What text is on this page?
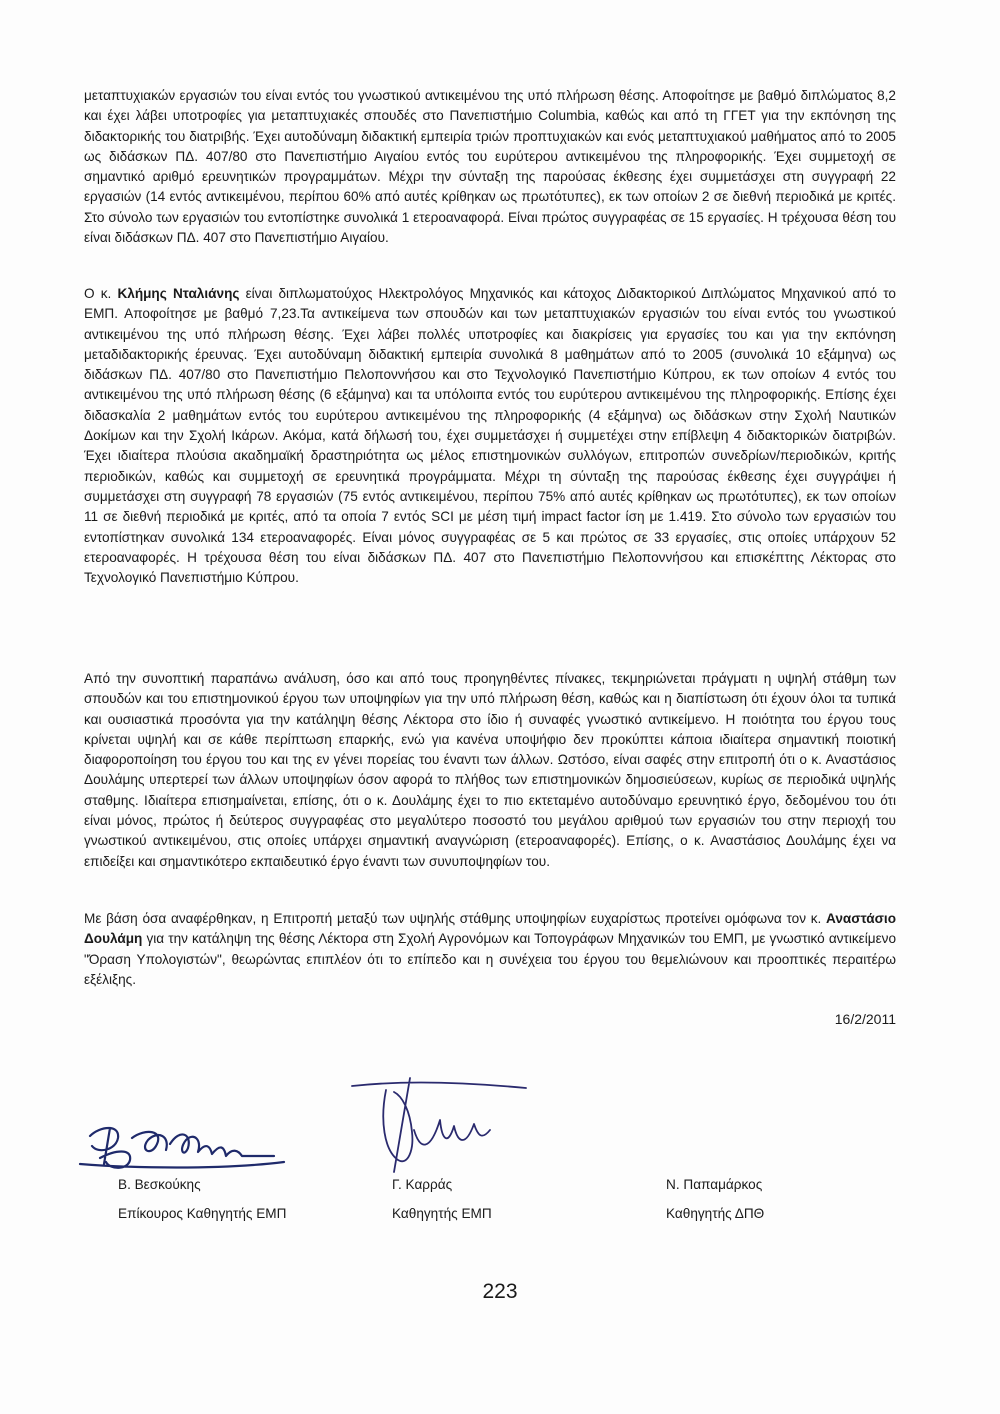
μεταπτυχιακών εργασιών του είναι εντός του γνωστικού αντικειμένου της υπό πλήρωση θέσης. Αποφοίτησε με βαθμό διπλώματος 8,2 και έχει λάβει υποτροφίες για μεταπτυχιακές σπουδές στο Πανεπιστήμιο Columbia, καθώς και από τη ΓΓΕΤ για την εκπόνηση της διδακτορικής του διατριβής. Έχει αυτοδύναμη διδακτική εμπειρία τριών προπτυχιακών και ενός μεταπτυχιακού μαθήματος από το 2005 ως διδάσκων ΠΔ. 407/80 στο Πανεπιστήμιο Αιγαίου εντός του ευρύτερου αντικειμένου της πληροφορικής. Έχει συμμετοχή σε σημαντικό αριθμό ερευνητικών προγραμμάτων. Μέχρι την σύνταξη της παρούσας έκθεσης έχει συμμετάσχει στη συγγραφή 22 εργασιών (14 εντός αντικειμένου, περίπου 60% από αυτές κρίθηκαν ως πρωτότυπες), εκ των οποίων 2 σε διεθνή περιοδικά με κριτές. Στο σύνολο των εργασιών του εντοπίστηκε συνολικά 1 ετεροαναφορά. Είναι πρώτος συγγραφέας σε 15 εργασίες. Η τρέχουσα θέση του είναι διδάσκων ΠΔ. 407 στο Πανεπιστήμιο Αιγαίου.

Ο κ. Κλήμης Νταλιάνης είναι διπλωματούχος Ηλεκτρολόγος Μηχανικός και κάτοχος Διδακτορικού Διπλώματος Μηχανικού από το ΕΜΠ. Αποφοίτησε με βαθμό 7,23.Τα αντικείμενα των σπουδών και των μεταπτυχιακών εργασιών του είναι εντός του γνωστικού αντικειμένου της υπό πλήρωση θέσης. Έχει λάβει πολλές υποτροφίες και διακρίσεις για εργασίες του και για την εκπόνηση μεταδιδακτορικής έρευνας. Έχει αυτοδύναμη διδακτική εμπειρία συνολικά 8 μαθημάτων από το 2005 (συνολικά 10 εξάμηνα) ως διδάσκων ΠΔ. 407/80 στο Πανεπιστήμιο Πελοποννήσου και στο Τεχνολογικό Πανεπιστήμιο Κύπρου, εκ των οποίων 4 εντός του αντικειμένου της υπό πλήρωση θέσης (6 εξάμηνα) και τα υπόλοιπα εντός του ευρύτερου αντικειμένου της πληροφορικής. Επίσης έχει διδασκαλία 2 μαθημάτων εντός του ευρύτερου αντικειμένου της πληροφορικής (4 εξάμηνα) ως διδάσκων στην Σχολή Ναυτικών Δοκίμων και την Σχολή Ικάρων. Ακόμα, κατά δήλωσή του, έχει συμμετάσχει ή συμμετέχει στην επίβλεψη 4 διδακτορικών διατριβών. Έχει ιδιαίτερα πλούσια ακαδημαϊκή δραστηριότητα ως μέλος επιστημονικών συλλόγων, επιτροπών συνεδρίων/περιοδικών, κριτής περιοδικών, καθώς και συμμετοχή σε ερευνητικά προγράμματα. Μέχρι τη σύνταξη της παρούσας έκθεσης έχει συγγράψει ή συμμετάσχει στη συγγραφή 78 εργασιών (75 εντός αντικειμένου, περίπου 75% από αυτές κρίθηκαν ως πρωτότυπες), εκ των οποίων 11 σε διεθνή περιοδικά με κριτές, από τα οποία 7 εντός SCI με μέση τιμή impact factor ίση με 1.419. Στο σύνολο των εργασιών του εντοπίστηκαν συνολικά 134 ετεροαναφορές. Είναι μόνος συγγραφέας σε 5 και πρώτος σε 33 εργασίες, στις οποίες υπάρχουν 52 ετεροαναφορές. Η τρέχουσα θέση του είναι διδάσκων ΠΔ. 407 στο Πανεπιστήμιο Πελοποννήσου και επισκέπτης Λέκτορας στο Τεχνολογικό Πανεπιστήμιο Κύπρου.

Από την συνοπτική παραπάνω ανάλυση, όσο και από τους προηγηθέντες πίνακες, τεκμηριώνεται πράγματι η υψηλή στάθμη των σπουδών και του επιστημονικού έργου των υποψηφίων για την υπό πλήρωση θέση, καθώς και η διαπίστωση ότι έχουν όλοι τα τυπικά και ουσιαστικά προσόντα για την κατάληψη θέσης Λέκτορα στο ίδιο ή συναφές γνωστικό αντικείμενο. Η ποιότητα του έργου τους κρίνεται υψηλή και σε κάθε περίπτωση επαρκής, ενώ για κανένα υποψήφιο δεν προκύπτει κάποια ιδιαίτερα σημαντική ποιοτική διαφοροποίηση του έργου του και της εν γένει πορείας του έναντι των άλλων. Ωστόσο, είναι σαφές στην επιτροπή ότι ο κ. Αναστάσιος Δουλάμης υπερτερεί των άλλων υποψηφίων όσον αφορά το πλήθος των επιστημονικών δημοσιεύσεων, κυρίως σε περιοδικά υψηλής σταθμης. Ιδιαίτερα επισημαίνεται, επίσης, ότι ο κ. Δουλάμης έχει το πιο εκτεταμένο αυτοδύναμο ερευνητικό έργο, δεδομένου του ότι είναι μόνος, πρώτος ή δεύτερος συγγραφέας στο μεγαλύτερο ποσοστό του μεγάλου αριθμού των εργασιών του στην περιοχή του γνωστικού αντικειμένου, στις οποίες υπάρχει σημαντική αναγνώριση (ετεροαναφορές). Επίσης, ο κ. Αναστάσιος Δουλάμης έχει να επιδείξει και σημαντικότερο εκπαιδευτικό έργο έναντι των συνυποψηφίων του.

Με βάση όσα αναφέρθηκαν, η Επιτροπή μεταξύ των υψηλής στάθμης υποψηφίων ευχαρίστως προτείνει ομόφωνα τον κ. Αναστάσιο Δουλάμη για την κατάληψη της θέσης Λέκτορα στη Σχολή Αγρονόμων και Τοπογράφων Μηχανικών του ΕΜΠ, με γνωστικό αντικείμενο "Όραση Υπολογιστών", θεωρώντας επιπλέον ότι το επίπεδο και η συνέχεια του έργου του θεμελιώνουν και προοπτικές περαιτέρω εξέλιξης.

16/2/2011
Β. Βεσκούκης
Επίκουρος Καθηγητής ΕΜΠ
Γ. Καρράς
Καθηγητής ΕΜΠ
Ν. Παπαμάρκος
Καθηγητής ΔΠΘ
223
